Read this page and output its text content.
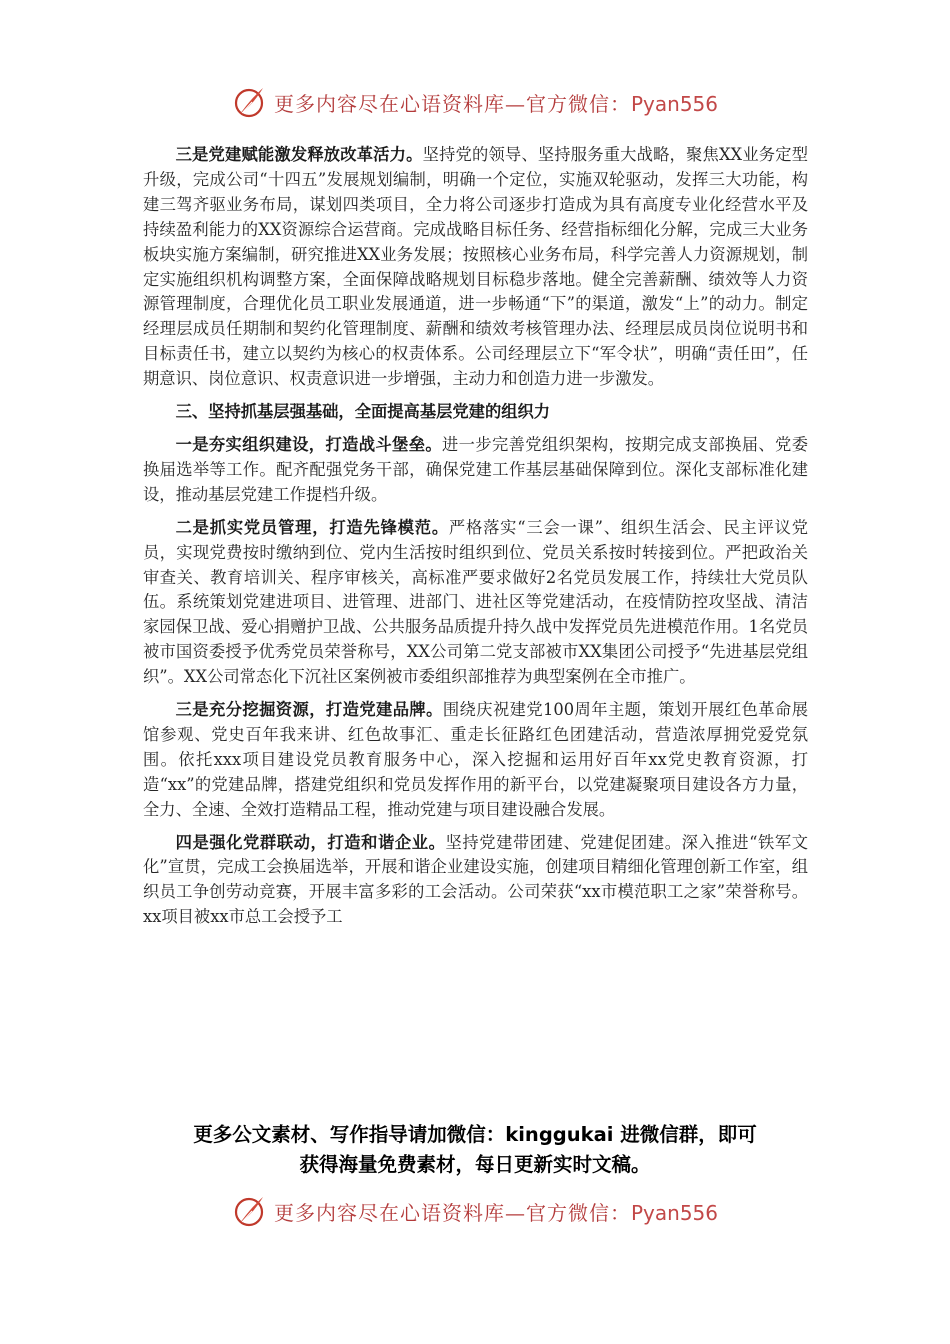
更多内容尽在心语资料库—官方微信：Pyan556

三是党建赋能激发释放改革活力。坚持党的领导、坚持服务重大战略，聚焦XX业务定型升级，完成公司“十四五”发展规划编制，明确一个定位，实施双轮驱动，发挥三大功能，构建三驾齐驱业务布局，谋划四类项目，全力将公司逐步打造成为具有高度专业化经营水平及持续盈利能力的XX资源综合运营商。完成战略目标任务、经营指标细化分解，完成三大业务板块实施方案编制，研究推进XX业务发展；按照核心业务布局，科学完善人力资源规划，制定实施组织机构调整方案，全面保障战略规划目标稳步落地。健全完善薪酬、绩效等人力资源管理制度，合理优化员工职业发展通道，进一步畅通“下”的渠道，激发“上”的动力。制定经理层成员任期制和契约化管理制度、薪酬和绩效考核管理办法、经理层成员岗位说明书和目标责任书，建立以契约为核心的权责体系。公司经理层立下“军令状”，明确“责任田”，任期意识、岗位意识、权责意识进一步增强，主动力和创造力进一步激发。

三、坚持抓基层强基础，全面提高基层党建的组织力

一是夯实组织建设，打造战斗堡垒。进一步完善党组织架构，按期完成支部换届、党委换届选举等工作。配齐配强党务干部，确保党建工作基层基础保障到位。深化支部标准化建设，推动基层党建工作提档升级。

二是抓实党员管理，打造先锋模范。严格落实“三会一课”、组织生活会、民主评议党员，实现党费按时缴纳到位、党内生活按时组织到位、党员关系按时转接到位。严把政治关审查关、教育培训关、程序审核关，高标准严要求做好2名党员发展工作，持续壮大党员队伍。系统策划党建进项目、进管理、进部门、进社区等党建活动，在疫情防控攻坚战、清洁家园保卫战、爱心捐赠护卫战、公共服务品质提升持久战中发挥党员先进模范作用。1名党员被市国资委授予优秀党员荣誉称号，XX公司第二党支部被市XX集团公司授予“先进基层党组织”。XX公司常态化下沉社区案例被市委组织部推荐为典型案例在全市推广。

三是充分挖掘资源，打造党建品牌。围绕庆祝建党100周年主题，策划开展红色革命展馆参观、党史百年我来讲、红色故事汇、重走长征路红色团建活动，营造浓厚拥党爱党氛围。依托xxx项目建设党员教育服务中心，深入挖掘和运用好百年xx党史教育资源，打造“xx”的党建品牌，搭建党组织和党员发挥作用的新平台，以党建凝聚项目建设各方力量，全力、全速、全效打造精品工程，推动党建与项目建设融合发展。

四是强化党群联动，打造和谐企业。坚持党建带团建、党建促团建。深入推进“铁军文化”宣贯，完成工会换届选举，开展和谐企业建设实施，创建项目精细化管理创新工作室，组织员工争创劳动竞赛，开展丰富多彩的工会活动。公司荣获“xx市模范职工之家”荣誉称号。xx项目被xx市总工会授予工

更多公文素材、写作指导请加微信：kinggukai 进微信群，即可
获得海量免费素材，每日更新实时文稿。
更多内容尽在心语资料库—官方微信：Pyan556
